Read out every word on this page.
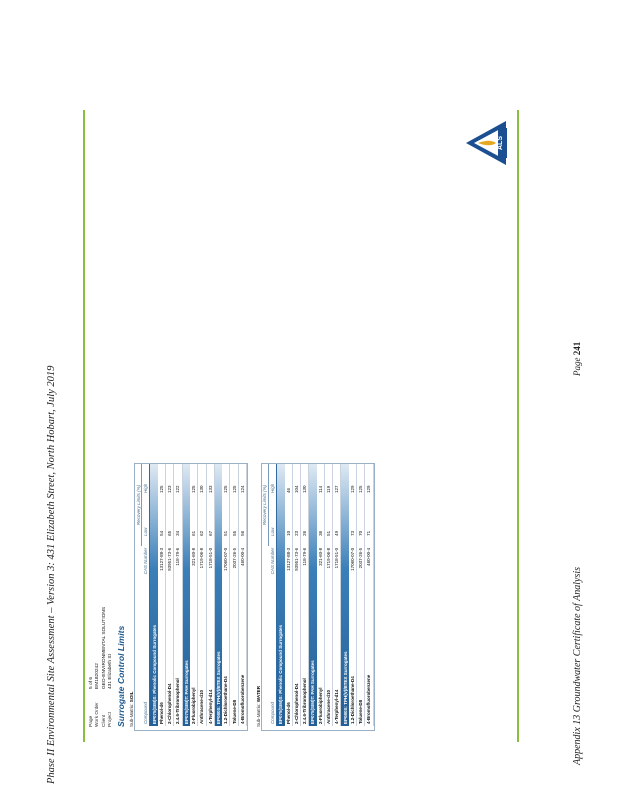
Phase II Environmental Site Assessment – Version 3: 431 Elizabeth Street, North Hobart, July 2019
ALS
Page
5 of 6
Work Order
EM1820242
Client
GEO-ENVIRONMENTAL SOLUTIONS
Project
431 Elizabeth St Surrogate Control Limits Sub-Matrix: SOIL
		Recovery Limits (%)	
Compound	CAS Number	Low	High
EP075(SIM)S: Phenolic Compound Surrogates			
Phenol-d6	13127-88-3	54	125
2-Chlorophenol-D4	93951-73-6	65	123
2.4.6-Tribromophenol	118-79-6	34	122
EP075(SIM)T: PAH Surrogates			
2-Fluorobiphenyl	321-60-8	61	125
Anthracene-d10	1719-06-8	62	130
4-Terphenyl-d14	1718-51-0	67	133
EP080S: TPH(V)/BTEX Surrogates			
1.2-Dichloroethane-D4	17060-07-0	51	125
Toluene-D8	2037-26-5	55	125
4-Bromofluorobenzene	460-00-4	56	124
Sub-Matrix: WATER
		Recovery Limits (%)	
Compound	CAS Number	Low	High
EP075(SIM)S: Phenolic Compound Surrogates			
Phenol-d6	13127-88-3	10	46
2-Chlorophenol-D4	93951-73-6	23	104
2.4.6-Tribromophenol	118-79-6	26	130
EP075(SIM)T: PAH Surrogates			
2-Fluorobiphenyl	321-60-8	36	114
Anthracene-d10	1719-06-8	51	119
4-Terphenyl-d14	1718-51-0	49	127
EP080S: TPH(V)/BTEX Surrogates			
1.2-Dichloroethane-D4	17060-07-0	73	129
Toluene-D8	2037-26-5	70	125
4-Bromofluorobenzene	460-00-4	71	129
Appendix 13 Groundwater Certificate of Analysis
Page 241
